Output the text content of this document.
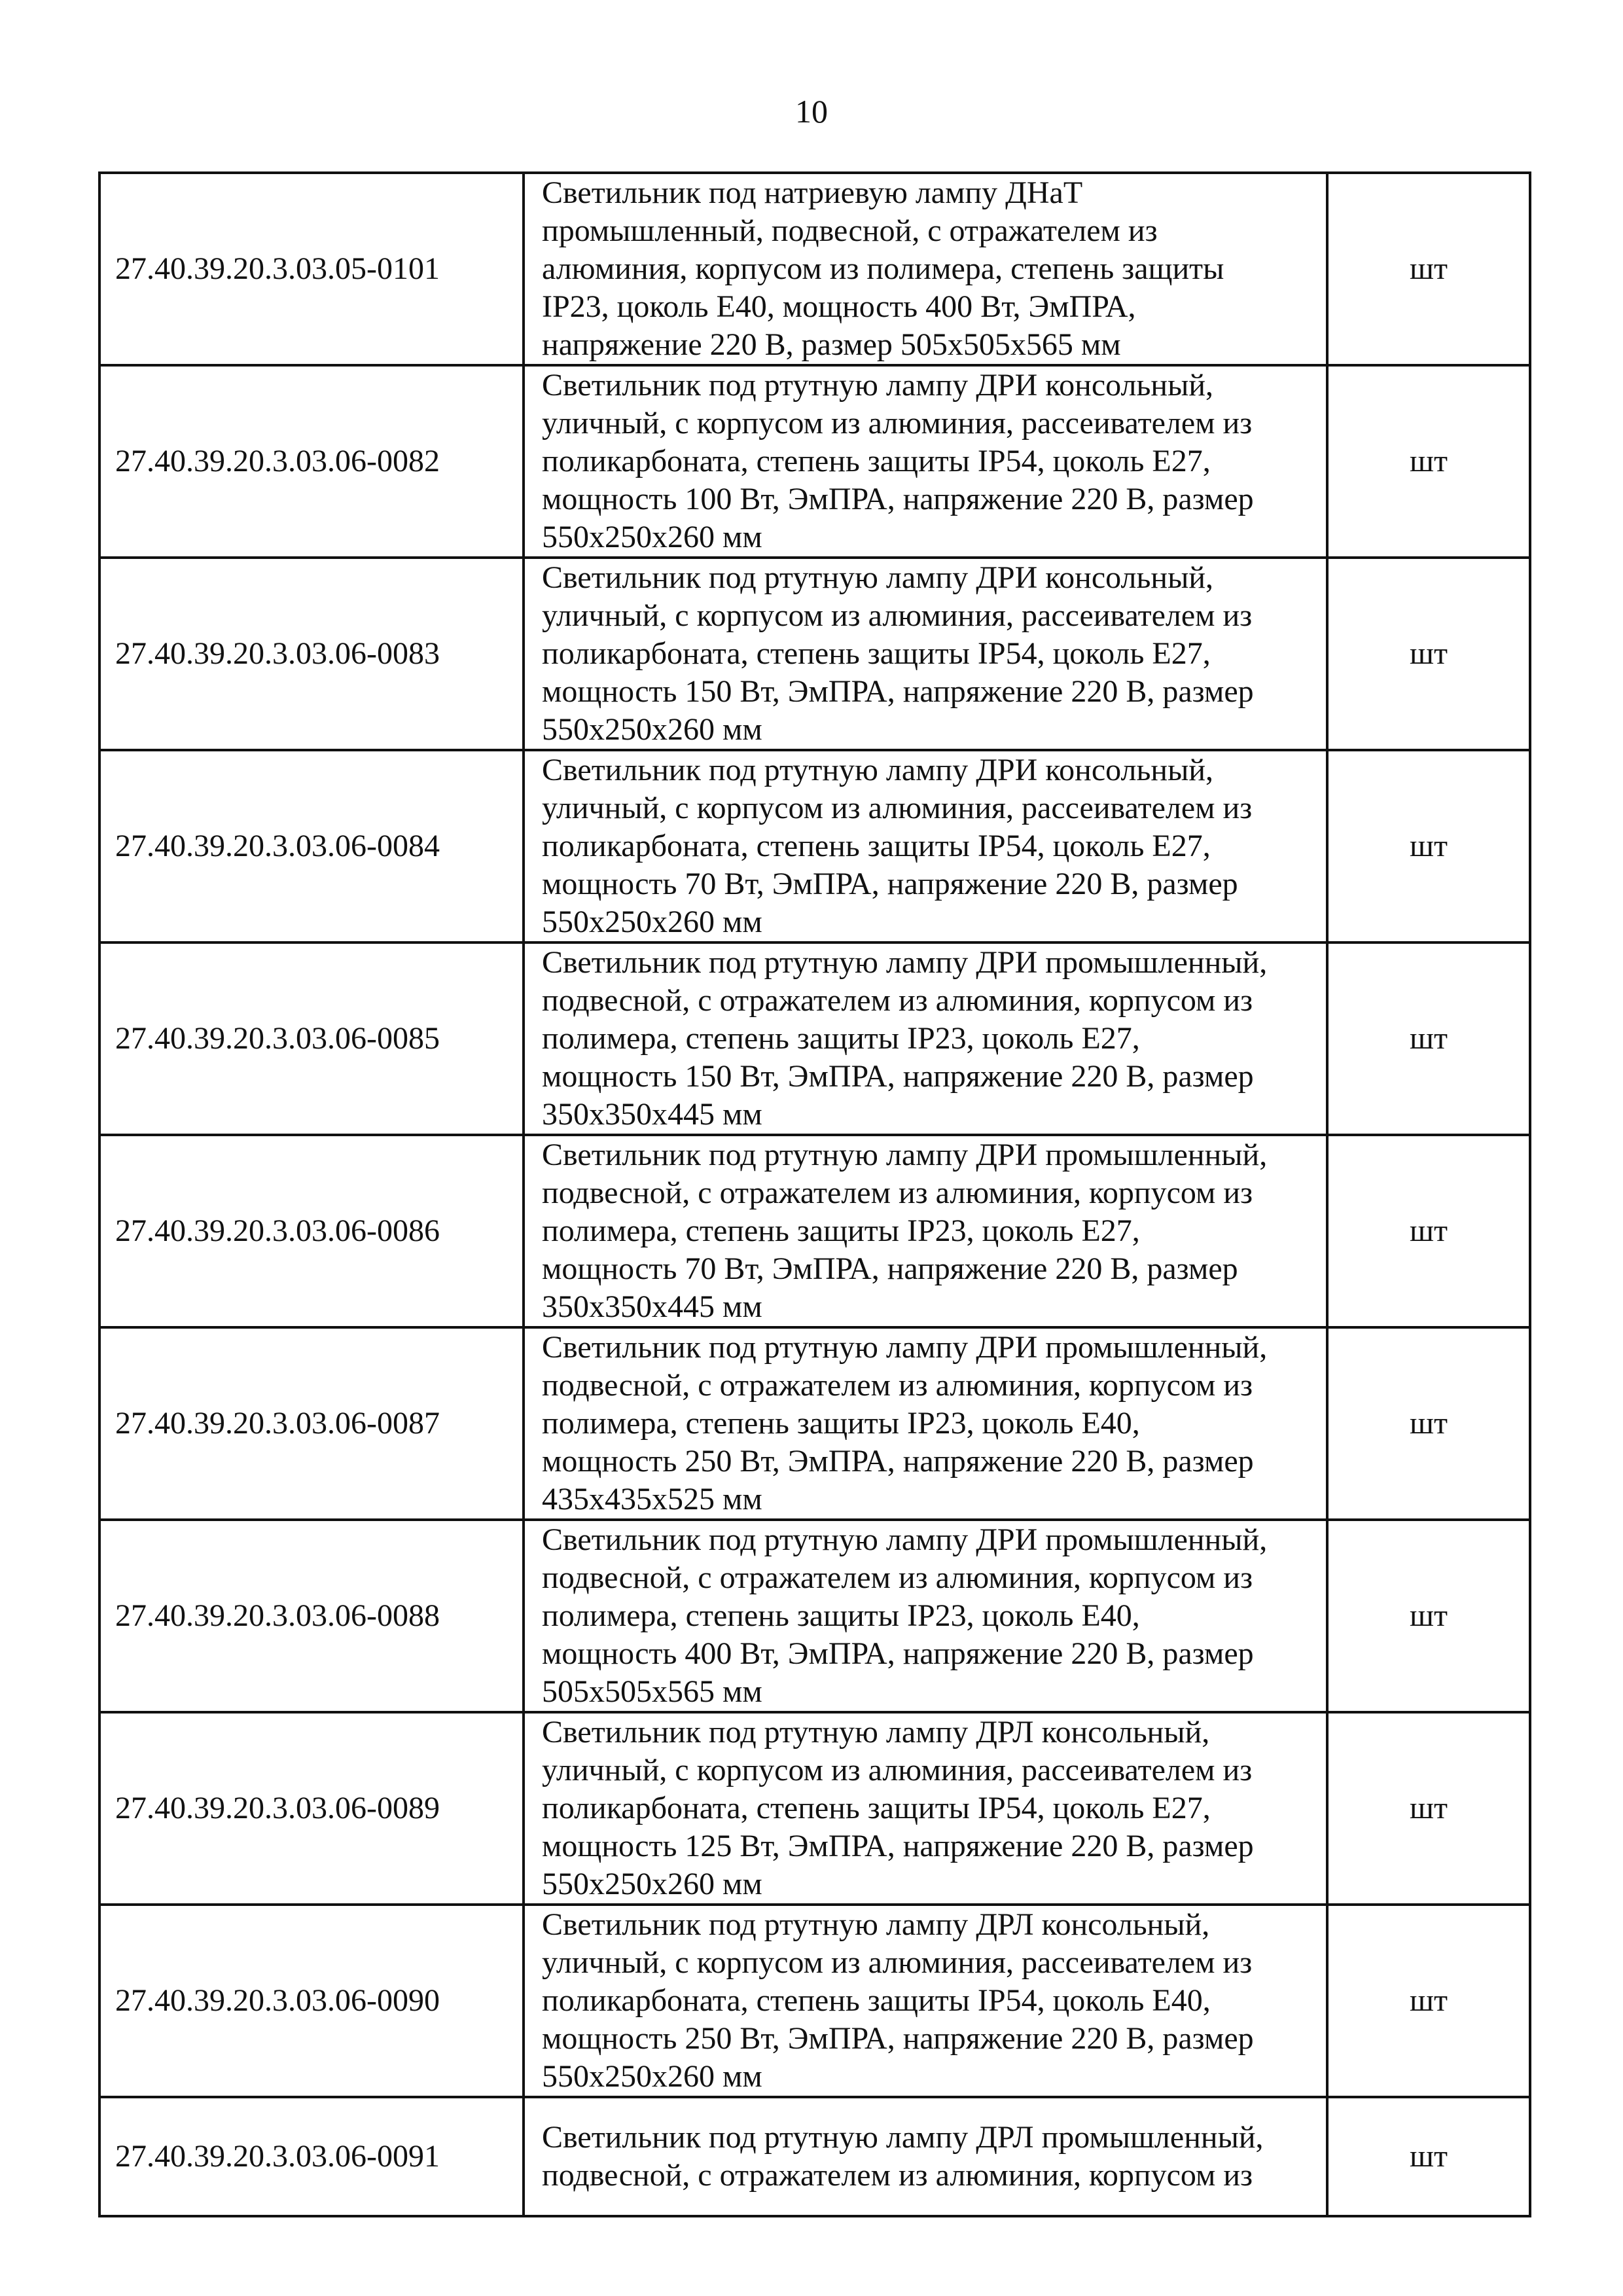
10
27.40.39.20.3.03.05-0101	Светильник под натриевую лампу ДНаТ
промышленный, подвесной, с отражателем из
алюминия, корпусом из полимера, степень защиты
IP23, цоколь Е40, мощность 400 Вт, ЭмПРА,
напряжение 220 В, размер 505x505x565 мм	шт
27.40.39.20.3.03.06-0082	Светильник под ртутную лампу ДРИ консольный,
уличный, с корпусом из алюминия, рассеивателем из
поликарбоната, степень защиты IP54, цоколь Е27,
мощность 100 Вт, ЭмПРА, напряжение 220 В, размер
550x250x260 мм	шт
27.40.39.20.3.03.06-0083	Светильник под ртутную лампу ДРИ консольный,
уличный, с корпусом из алюминия, рассеивателем из
поликарбоната, степень защиты IP54, цоколь Е27,
мощность 150 Вт, ЭмПРА, напряжение 220 В, размер
550x250x260 мм	шт
27.40.39.20.3.03.06-0084	Светильник под ртутную лампу ДРИ консольный,
уличный, с корпусом из алюминия, рассеивателем из
поликарбоната, степень защиты IP54, цоколь Е27,
мощность 70 Вт, ЭмПРА, напряжение 220 В, размер
550x250x260 мм	шт
27.40.39.20.3.03.06-0085	Светильник под ртутную лампу ДРИ промышленный,
подвесной, с отражателем из алюминия, корпусом из
полимера, степень защиты IP23, цоколь Е27,
мощность 150 Вт, ЭмПРА, напряжение 220 В, размер
350x350x445 мм	шт
27.40.39.20.3.03.06-0086	Светильник под ртутную лампу ДРИ промышленный,
подвесной, с отражателем из алюминия, корпусом из
полимера, степень защиты IP23, цоколь Е27,
мощность 70 Вт, ЭмПРА, напряжение 220 В, размер
350x350x445 мм	шт
27.40.39.20.3.03.06-0087	Светильник под ртутную лампу ДРИ промышленный,
подвесной, с отражателем из алюминия, корпусом из
полимера, степень защиты IP23, цоколь Е40,
мощность 250 Вт, ЭмПРА, напряжение 220 В, размер
435x435x525 мм	шт
27.40.39.20.3.03.06-0088	Светильник под ртутную лампу ДРИ промышленный,
подвесной, с отражателем из алюминия, корпусом из
полимера, степень защиты IP23, цоколь Е40,
мощность 400 Вт, ЭмПРА, напряжение 220 В, размер
505x505x565 мм	шт
27.40.39.20.3.03.06-0089	Светильник под ртутную лампу ДРЛ консольный,
уличный, с корпусом из алюминия, рассеивателем из
поликарбоната, степень защиты IP54, цоколь Е27,
мощность 125 Вт, ЭмПРА, напряжение 220 В, размер
550x250x260 мм	шт
27.40.39.20.3.03.06-0090	Светильник под ртутную лампу ДРЛ консольный,
уличный, с корпусом из алюминия, рассеивателем из
поликарбоната, степень защиты IP54, цоколь Е40,
мощность 250 Вт, ЭмПРА, напряжение 220 В, размер
550x250x260 мм	шт
27.40.39.20.3.03.06-0091	Светильник под ртутную лампу ДРЛ промышленный,
подвесной, с отражателем из алюминия, корпусом из	шт
